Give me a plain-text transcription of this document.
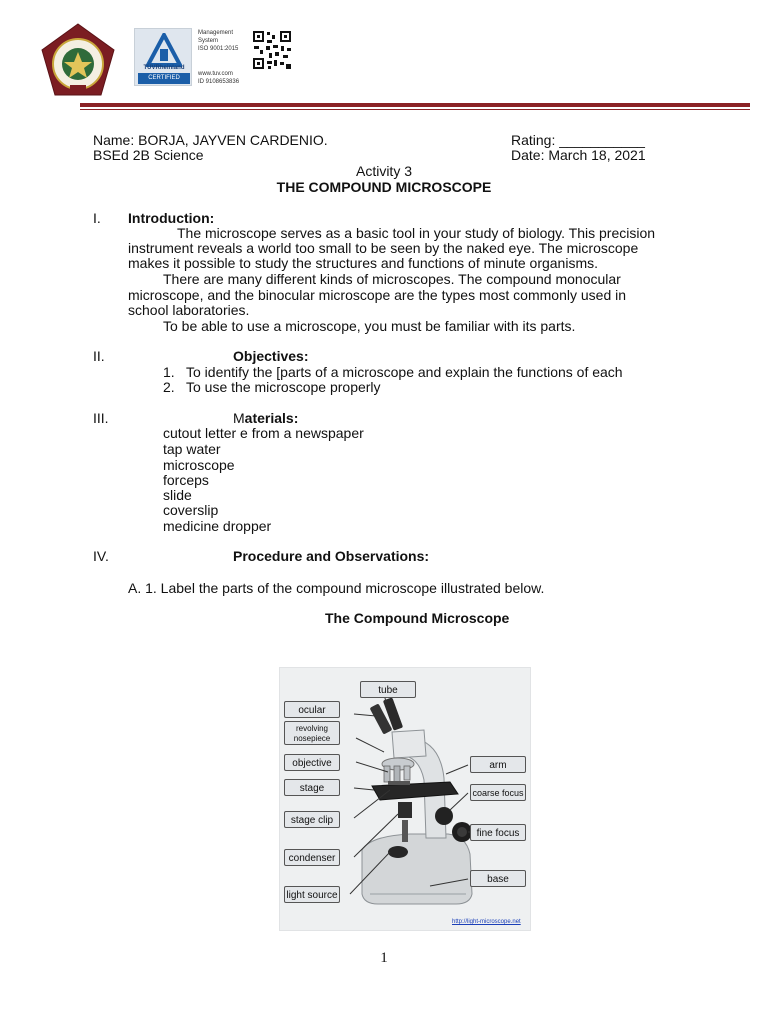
TÜVRheinland
CERTIFIED
Management
System
ISO 9001:2015
www.tuv.com
ID 9108653836
Name: BORJA, JAYVEN CARDENIO.	Rating: ___________
BSEd 2B Science	Date: March 18, 2021
Activity 3
THE COMPOUND MICROSCOPE
I. Introduction:
The microscope serves as a basic tool in your study of biology. This precision
instrument reveals a world too small to be seen by the naked eye. The microscope
makes it possible to study the structures and functions of minute organisms.
There are many different kinds of microscopes. The compound monocular
microscope, and the binocular microscope are the types most commonly used in
school laboratories.
To be able to use a microscope, you must be familiar with its parts.
II.	Objectives:
1. To identify the [parts of a microscope and explain the functions of each
2. To use the microscope properly
III.	Materials:
cutout letter e from a newspaper
tap water
microscope
forceps
slide
coverslip
medicine dropper
IV.	Procedure and Observations:
A. 1. Label the parts of the compound microscope illustrated below.
The Compound Microscope
ocular
revolving nosepiece
objective
stage
stage clip
condenser
light source
tube
arm
coarse focus
fine focus
base
http://light-microscope.net
1
